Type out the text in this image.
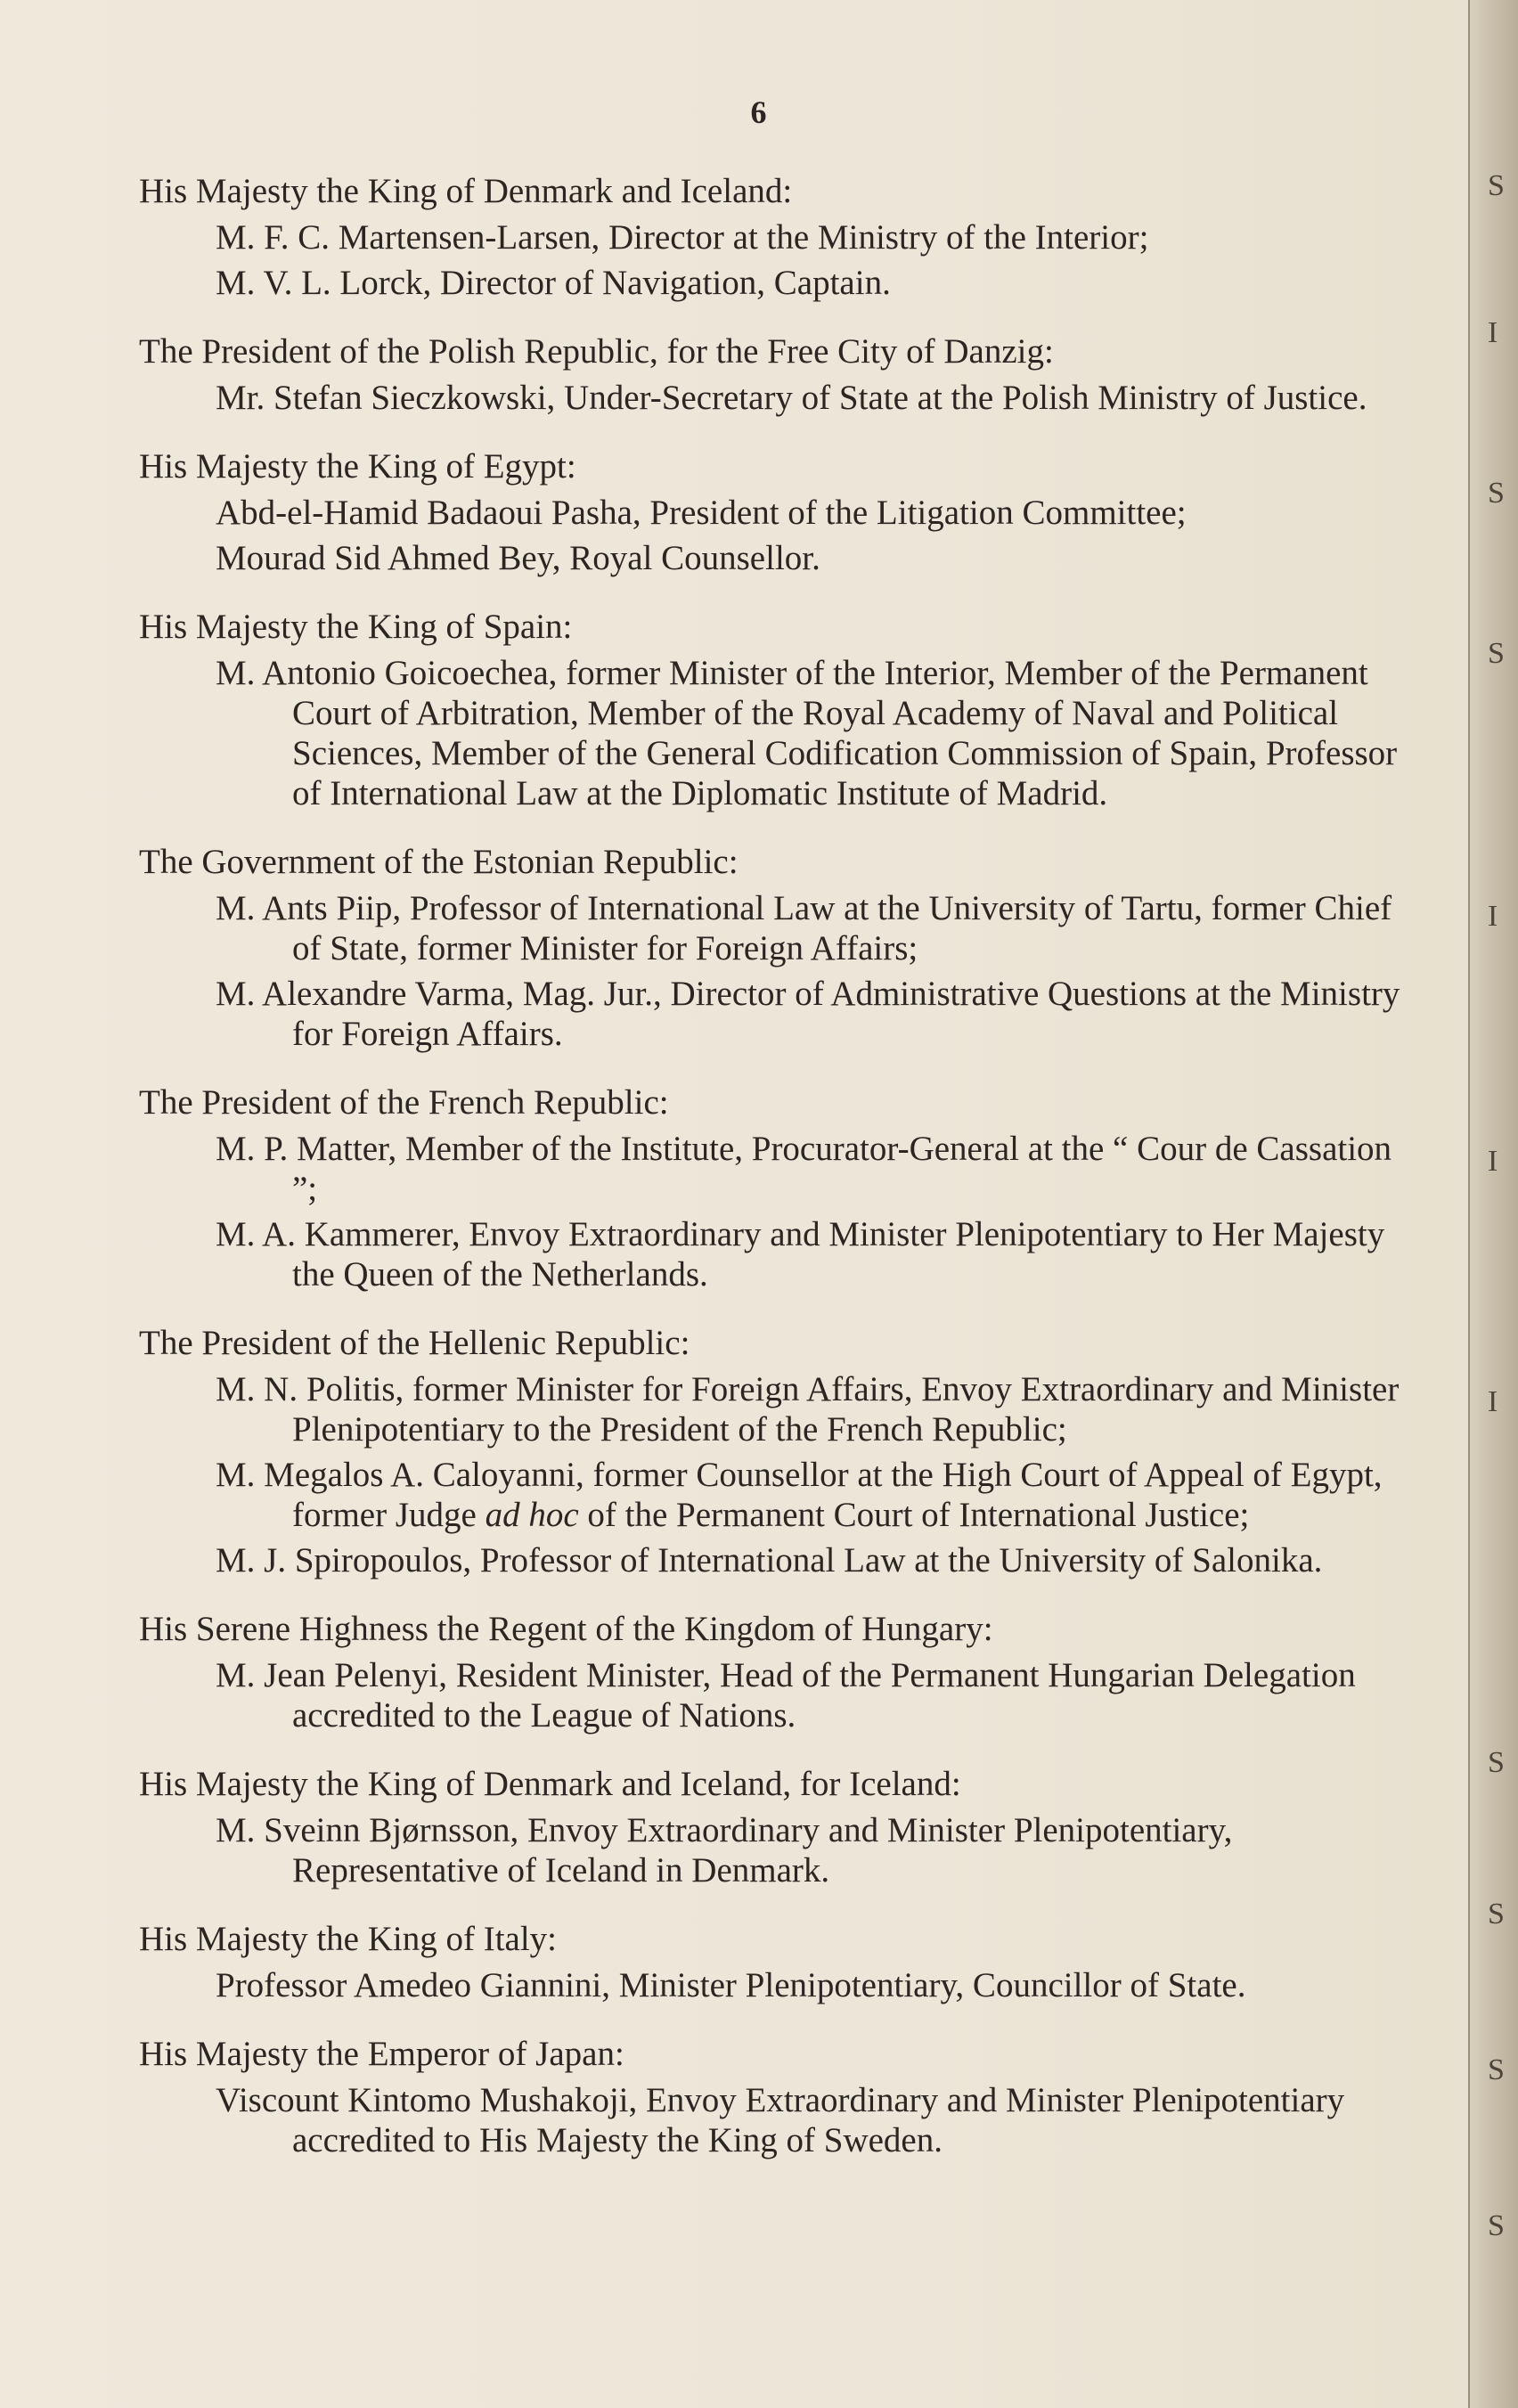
S
I
S
S
I
I
I
S
S
S
S
6

His Majesty the King of Denmark and Iceland:

M. F. C. Martensen-Larsen, Director at the Ministry of the Interior;

M. V. L. Lorck, Director of Navigation, Captain.

The President of the Polish Republic, for the Free City of Danzig:

Mr. Stefan Sieczkowski, Under-Secretary of State at the Polish Ministry of Justice.

His Majesty the King of Egypt:

Abd-el-Hamid Badaoui Pasha, President of the Litigation Committee;

Mourad Sid Ahmed Bey, Royal Counsellor.

His Majesty the King of Spain:

M. Antonio Goicoechea, former Minister of the Interior, Member of the Permanent Court of Arbitration, Member of the Royal Academy of Naval and Political Sciences, Member of the General Codification Commission of Spain, Professor of International Law at the Diplomatic Institute of Madrid.

The Government of the Estonian Republic:

M. Ants Piip, Professor of International Law at the University of Tartu, former Chief of State, former Minister for Foreign Affairs;

M. Alexandre Varma, Mag. Jur., Director of Administrative Questions at the Ministry for Foreign Affairs.

The President of the French Republic:

M. P. Matter, Member of the Institute, Procurator-General at the “ Cour de Cassation ”;

M. A. Kammerer, Envoy Extraordinary and Minister Plenipotentiary to Her Majesty the Queen of the Netherlands.

The President of the Hellenic Republic:

M. N. Politis, former Minister for Foreign Affairs, Envoy Extraordinary and Minister Plenipotentiary to the President of the French Republic;

M. Megalos A. Caloyanni, former Counsellor at the High Court of Appeal of Egypt, former Judge ad hoc of the Permanent Court of International Justice;

M. J. Spiropoulos, Professor of International Law at the University of Salonika.

His Serene Highness the Regent of the Kingdom of Hungary:

M. Jean Pelenyi, Resident Minister, Head of the Permanent Hungarian Delegation accredited to the League of Nations.

His Majesty the King of Denmark and Iceland, for Iceland:

M. Sveinn Bjørnsson, Envoy Extraordinary and Minister Plenipotentiary, Representative of Iceland in Denmark.

His Majesty the King of Italy:

Professor Amedeo Giannini, Minister Plenipotentiary, Councillor of State.

His Majesty the Emperor of Japan:

Viscount Kintomo Mushakoji, Envoy Extraordinary and Minister Plenipotentiary accredited to His Majesty the King of Sweden.
